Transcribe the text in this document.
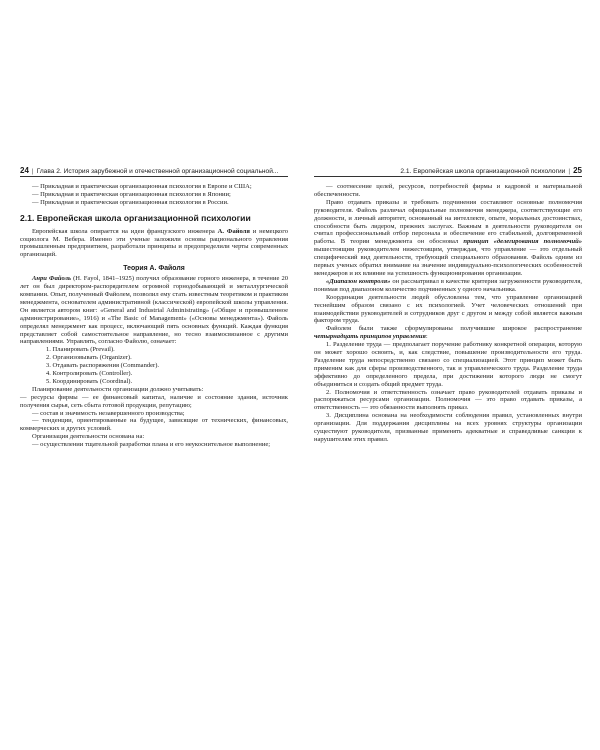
24 | Глава 2. История зарубежной и отечественной организационной социальной...

— Прикладная и практическая организационная психология в Европе и США;

— Прикладная и практическая организационная психология в Японии;

— Прикладная и практическая организационная психология в России.

2.1. Европейская школа организационной психологии

Европейская школа опирается на идеи французского инженера А. Файоля и немецкого социолога М. Вебера. Именно эти ученые заложили основы рационального управления промышленным предприятием, разработали принципы и предопределили черты современных организаций.

Теория А. Файоля

Анри Файоль (H. Fayol, 1841–1925) получил образование горного инженера, в течение 20 лет он был директором-распорядителем огромной горнодобывающей и металлургической компании. Опыт, полученный Файолем, позволил ему стать известным теоретиком и практиком менеджмента, основателем административной (классической) европейской школы управления. Он является автором книг: «General and Industrial Administrating» («Общее и промышленное администрирование», 1916) и «The Basic of Management» («Основы менеджмента»). Файоль определял менеджмент как процесс, включающий пять основных функций. Каждая функция представляет собой самостоятельное направление, но тесно взаимосвязанное с другими направлениями. Управлять, согласно Файолю, означает:

1. Планировать (Prevail).

2. Организовывать (Organizer).

3. Отдавать распоряжения (Commander).

4. Контролировать (Controller).

5. Координировать (Coordinal).

Планирование деятельности организации должно учитывать:

— ресурсы фирмы — ее финансовый капитал, наличие и состояние здания, источник получения сырья, сеть сбыта готовой продукции, репутацию;

— состав и значимость незавершенного производства;

— тенденции, ориентированные на будущее, зависящие от технических, финансовых, коммерческих и других условий.

Организация деятельности основана на:

— осуществлении тщательной разработки плана и его неукоснительное выполнение;

2.1. Европейская школа организационной психологии | 25

— соотнесение целей, ресурсов, потребностей фирмы и кадровой и материальной обеспеченности.

Право отдавать приказы и требовать подчинения составляют основные полномочия руководителя. Файоль различал официальные полномочия менеджера, соответствующие его должности, и личный авторитет, основанный на интеллекте, опыте, моральных достоинствах, способности быть лидером, прежних заслугах. Важным в деятельности руководителя он считал профессиональный отбор персонала и обеспечение его стабильной, долговременной работы. В теории менеджмента он обосновал принцип «делегирования полномочий» вышестоящим руководителем нижестоящим, утверждая, что управление — это отдельный специфический вид деятельности, требующий специального образования. Файоль одним из первых ученых обратил внимание на значение индивидуально-психологических особенностей менеджеров и их влияние на успешность функционирования организации.

«Диапазон контроля» он рассматривал в качестве критерия загруженности руководителя, понимая под диапазоном количество подчиненных у одного начальника.

Координация деятельности людей обусловлена тем, что управление организацией теснейшим образом связано с их психологией. Учет человеческих отношений при взаимодействии руководителей и сотрудников друг с другом и между собой является важным фактором труда.

Файолем были также сформулированы получившие широкое распространение четырнадцать принципов управления:

1. Разделение труда — предполагает поручение работнику конкретной операции, которую он может хорошо освоить, и, как следствие, повышение производительности его труда. Разделение труда непосредственно связано со специализацией. Этот принцип может быть применим как для сферы производственного, так и управленческого труда. Разделение труда эффективно до определенного предела, при достижении которого люди не смогут объединиться и создать общий предмет труда.

2. Полномочия и ответственность означает право руководителей отдавать приказы и распоряжаться ресурсами организации. Полномочия — это право отдавать приказы, а ответственность — это обязанности выполнять приказ.

3. Дисциплина основана на необходимости соблюдения правил, установленных внутри организации. Для поддержания дисциплины на всех уровнях структуры организации существуют руководители, призванные применять адекватные и справедливые санкции к нарушителям этих правил.
